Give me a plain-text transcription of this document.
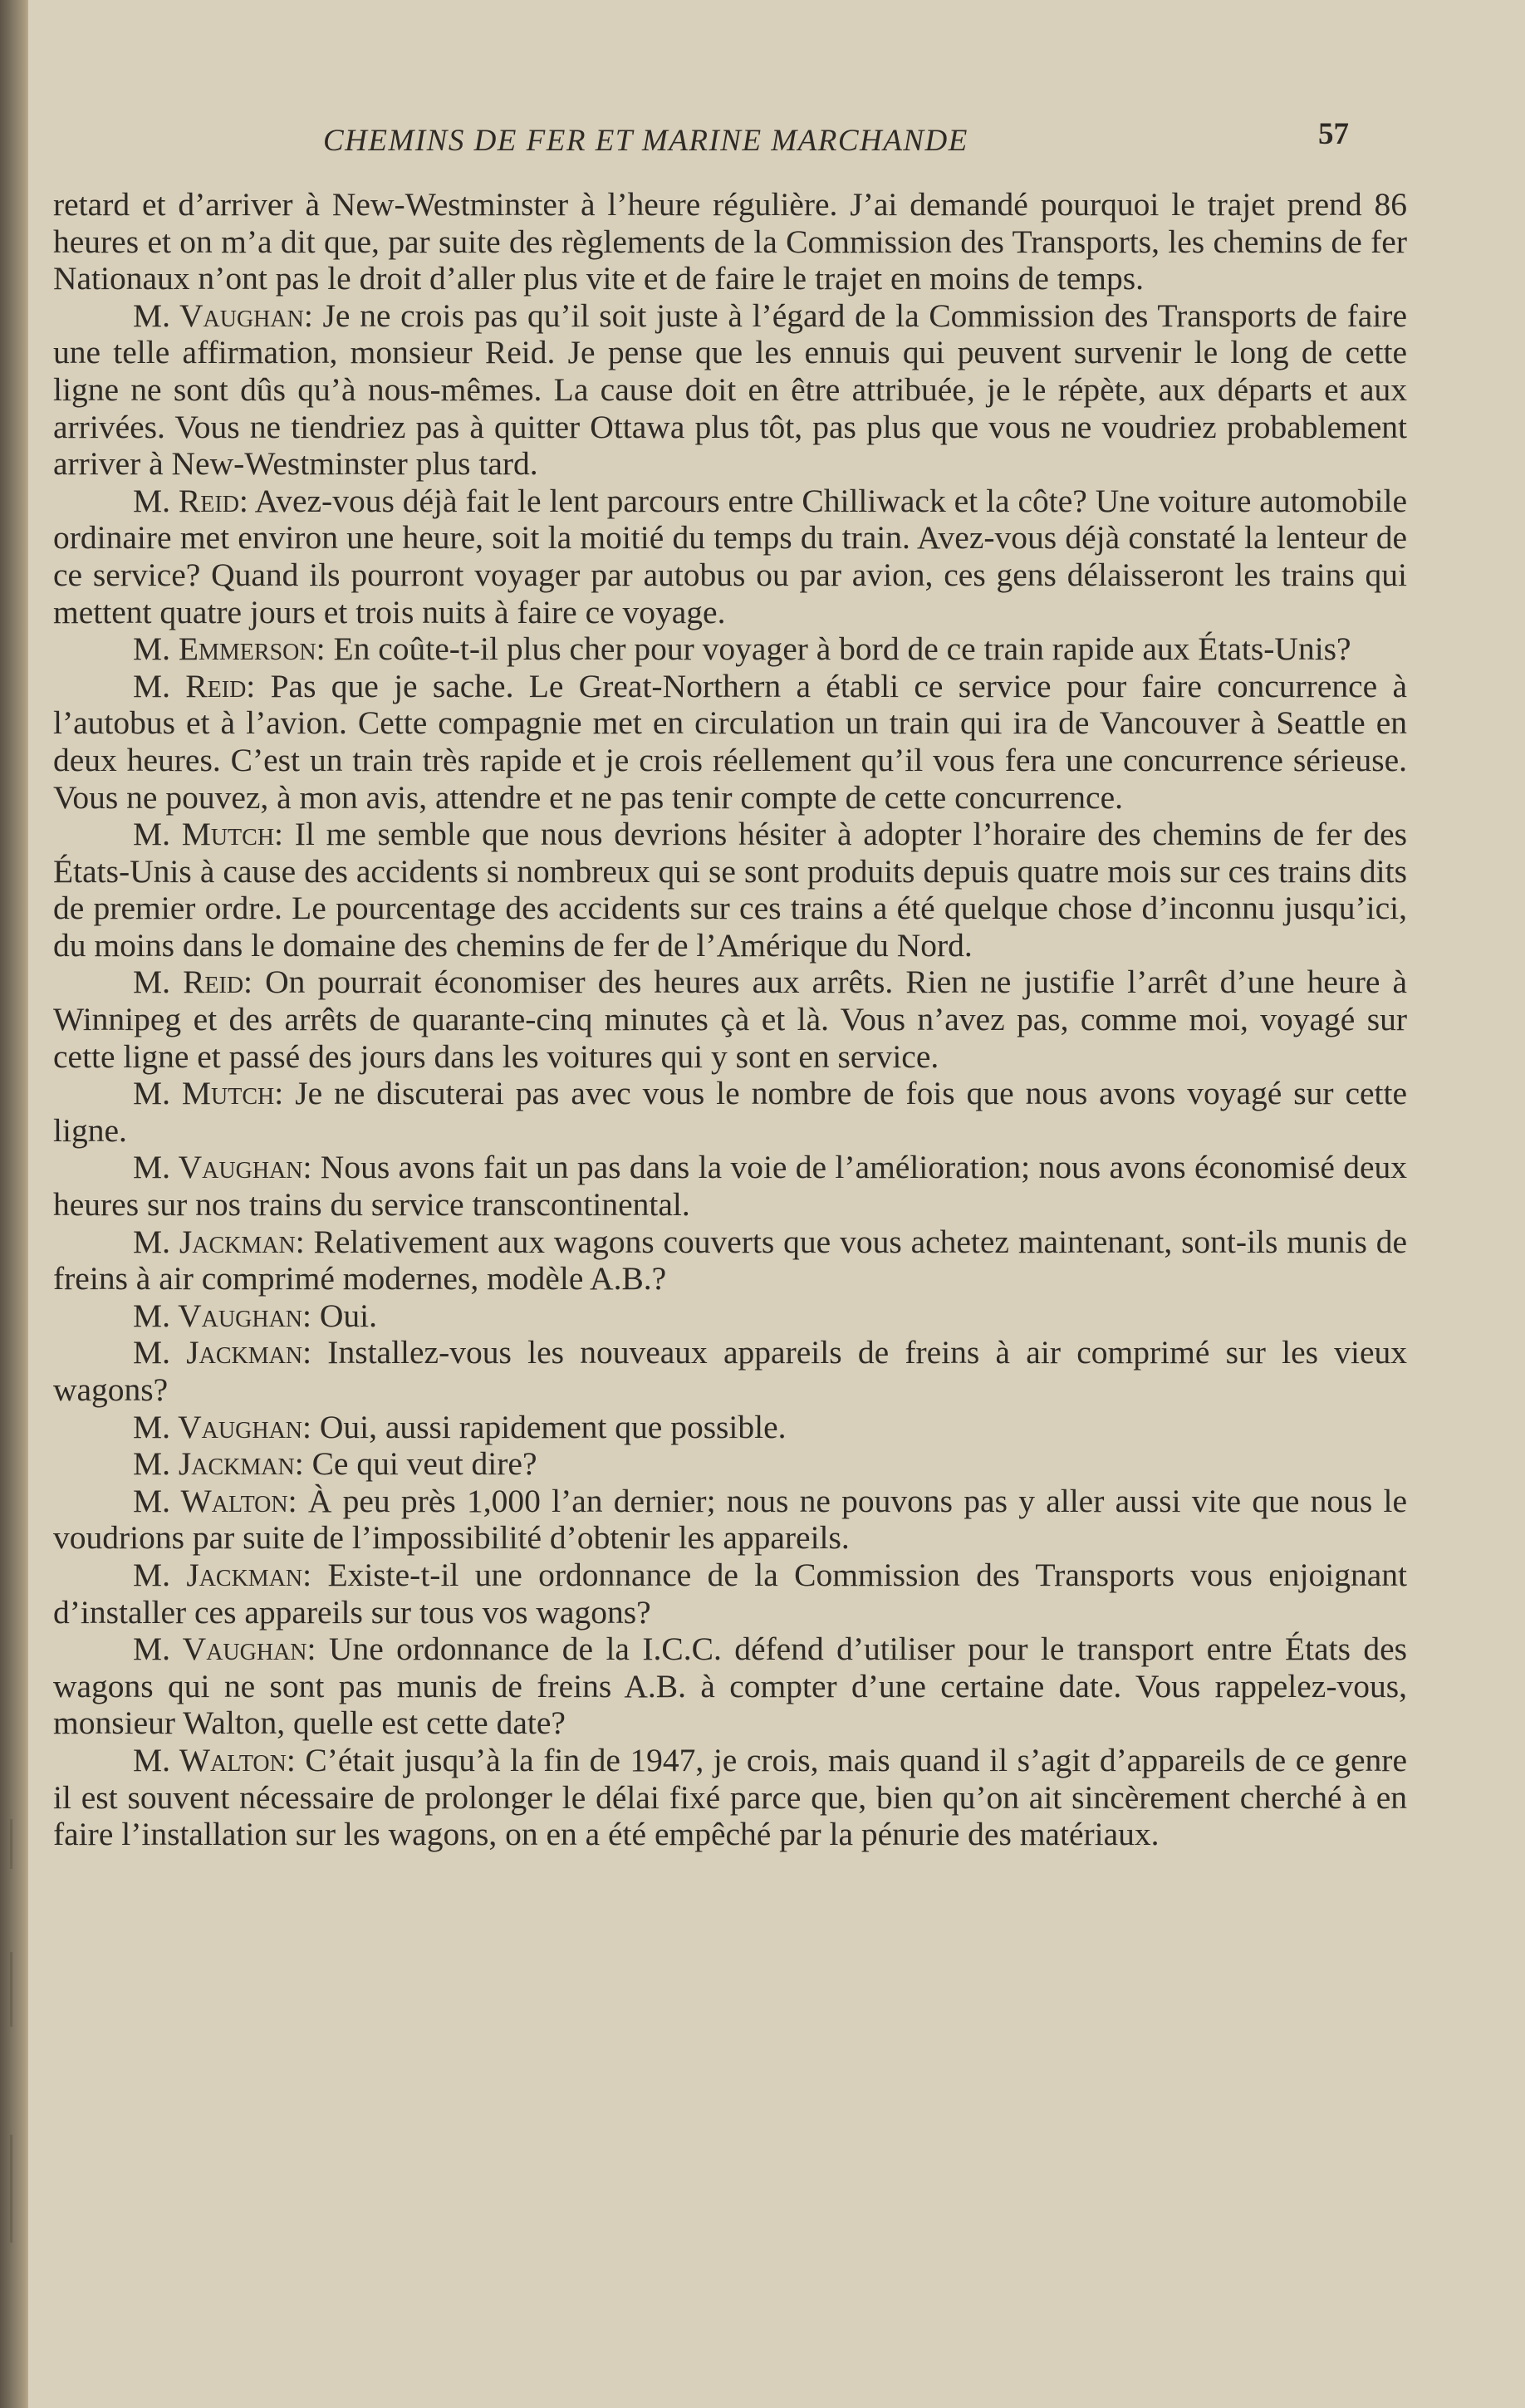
CHEMINS DE FER ET MARINE MARCHANDE	57

retard et d’arriver à New-Westminster à l’heure régulière. J’ai demandé pourquoi le trajet prend 86 heures et on m’a dit que, par suite des règlements de la Commission des Transports, les chemins de fer Nationaux n’ont pas le droit d’aller plus vite et de faire le trajet en moins de temps.

M. Vaughan: Je ne crois pas qu’il soit juste à l’égard de la Commission des Transports de faire une telle affirmation, monsieur Reid. Je pense que les ennuis qui peuvent survenir le long de cette ligne ne sont dûs qu’à nous-mêmes. La cause doit en être attribuée, je le répète, aux départs et aux arrivées. Vous ne tiendriez pas à quitter Ottawa plus tôt, pas plus que vous ne voudriez probablement arriver à New-Westminster plus tard.

M. Reid: Avez-vous déjà fait le lent parcours entre Chilliwack et la côte? Une voiture automobile ordinaire met environ une heure, soit la moitié du temps du train. Avez-vous déjà constaté la lenteur de ce service? Quand ils pourront voyager par autobus ou par avion, ces gens délaisseront les trains qui mettent quatre jours et trois nuits à faire ce voyage.

M. Emmerson: En coûte-t-il plus cher pour voyager à bord de ce train rapide aux États-Unis?

M. Reid: Pas que je sache. Le Great-Northern a établi ce service pour faire concurrence à l’autobus et à l’avion. Cette compagnie met en circulation un train qui ira de Vancouver à Seattle en deux heures. C’est un train très rapide et je crois réellement qu’il vous fera une concurrence sérieuse. Vous ne pouvez, à mon avis, attendre et ne pas tenir compte de cette concurrence.

M. Mutch: Il me semble que nous devrions hésiter à adopter l’horaire des chemins de fer des États-Unis à cause des accidents si nombreux qui se sont produits depuis quatre mois sur ces trains dits de premier ordre. Le pourcentage des accidents sur ces trains a été quelque chose d’inconnu jusqu’ici, du moins dans le domaine des chemins de fer de l’Amérique du Nord.

M. Reid: On pourrait économiser des heures aux arrêts. Rien ne justifie l’arrêt d’une heure à Winnipeg et des arrêts de quarante-cinq minutes çà et là. Vous n’avez pas, comme moi, voyagé sur cette ligne et passé des jours dans les voitures qui y sont en service.

M. Mutch: Je ne discuterai pas avec vous le nombre de fois que nous avons voyagé sur cette ligne.

M. Vaughan: Nous avons fait un pas dans la voie de l’amélioration; nous avons économisé deux heures sur nos trains du service transcontinental.

M. Jackman: Relativement aux wagons couverts que vous achetez maintenant, sont-ils munis de freins à air comprimé modernes, modèle A.B.?

M. Vaughan: Oui.

M. Jackman: Installez-vous les nouveaux appareils de freins à air comprimé sur les vieux wagons?

M. Vaughan: Oui, aussi rapidement que possible.

M. Jackman: Ce qui veut dire?

M. Walton: À peu près 1,000 l’an dernier; nous ne pouvons pas y aller aussi vite que nous le voudrions par suite de l’impossibilité d’obtenir les appareils.

M. Jackman: Existe-t-il une ordonnance de la Commission des Transports vous enjoignant d’installer ces appareils sur tous vos wagons?

M. Vaughan: Une ordonnance de la I.C.C. défend d’utiliser pour le transport entre États des wagons qui ne sont pas munis de freins A.B. à compter d’une certaine date. Vous rappelez-vous, monsieur Walton, quelle est cette date?

M. Walton: C’était jusqu’à la fin de 1947, je crois, mais quand il s’agit d’appareils de ce genre il est souvent nécessaire de prolonger le délai fixé parce que, bien qu’on ait sincèrement cherché à en faire l’installation sur les wagons, on en a été empêché par la pénurie des matériaux.
